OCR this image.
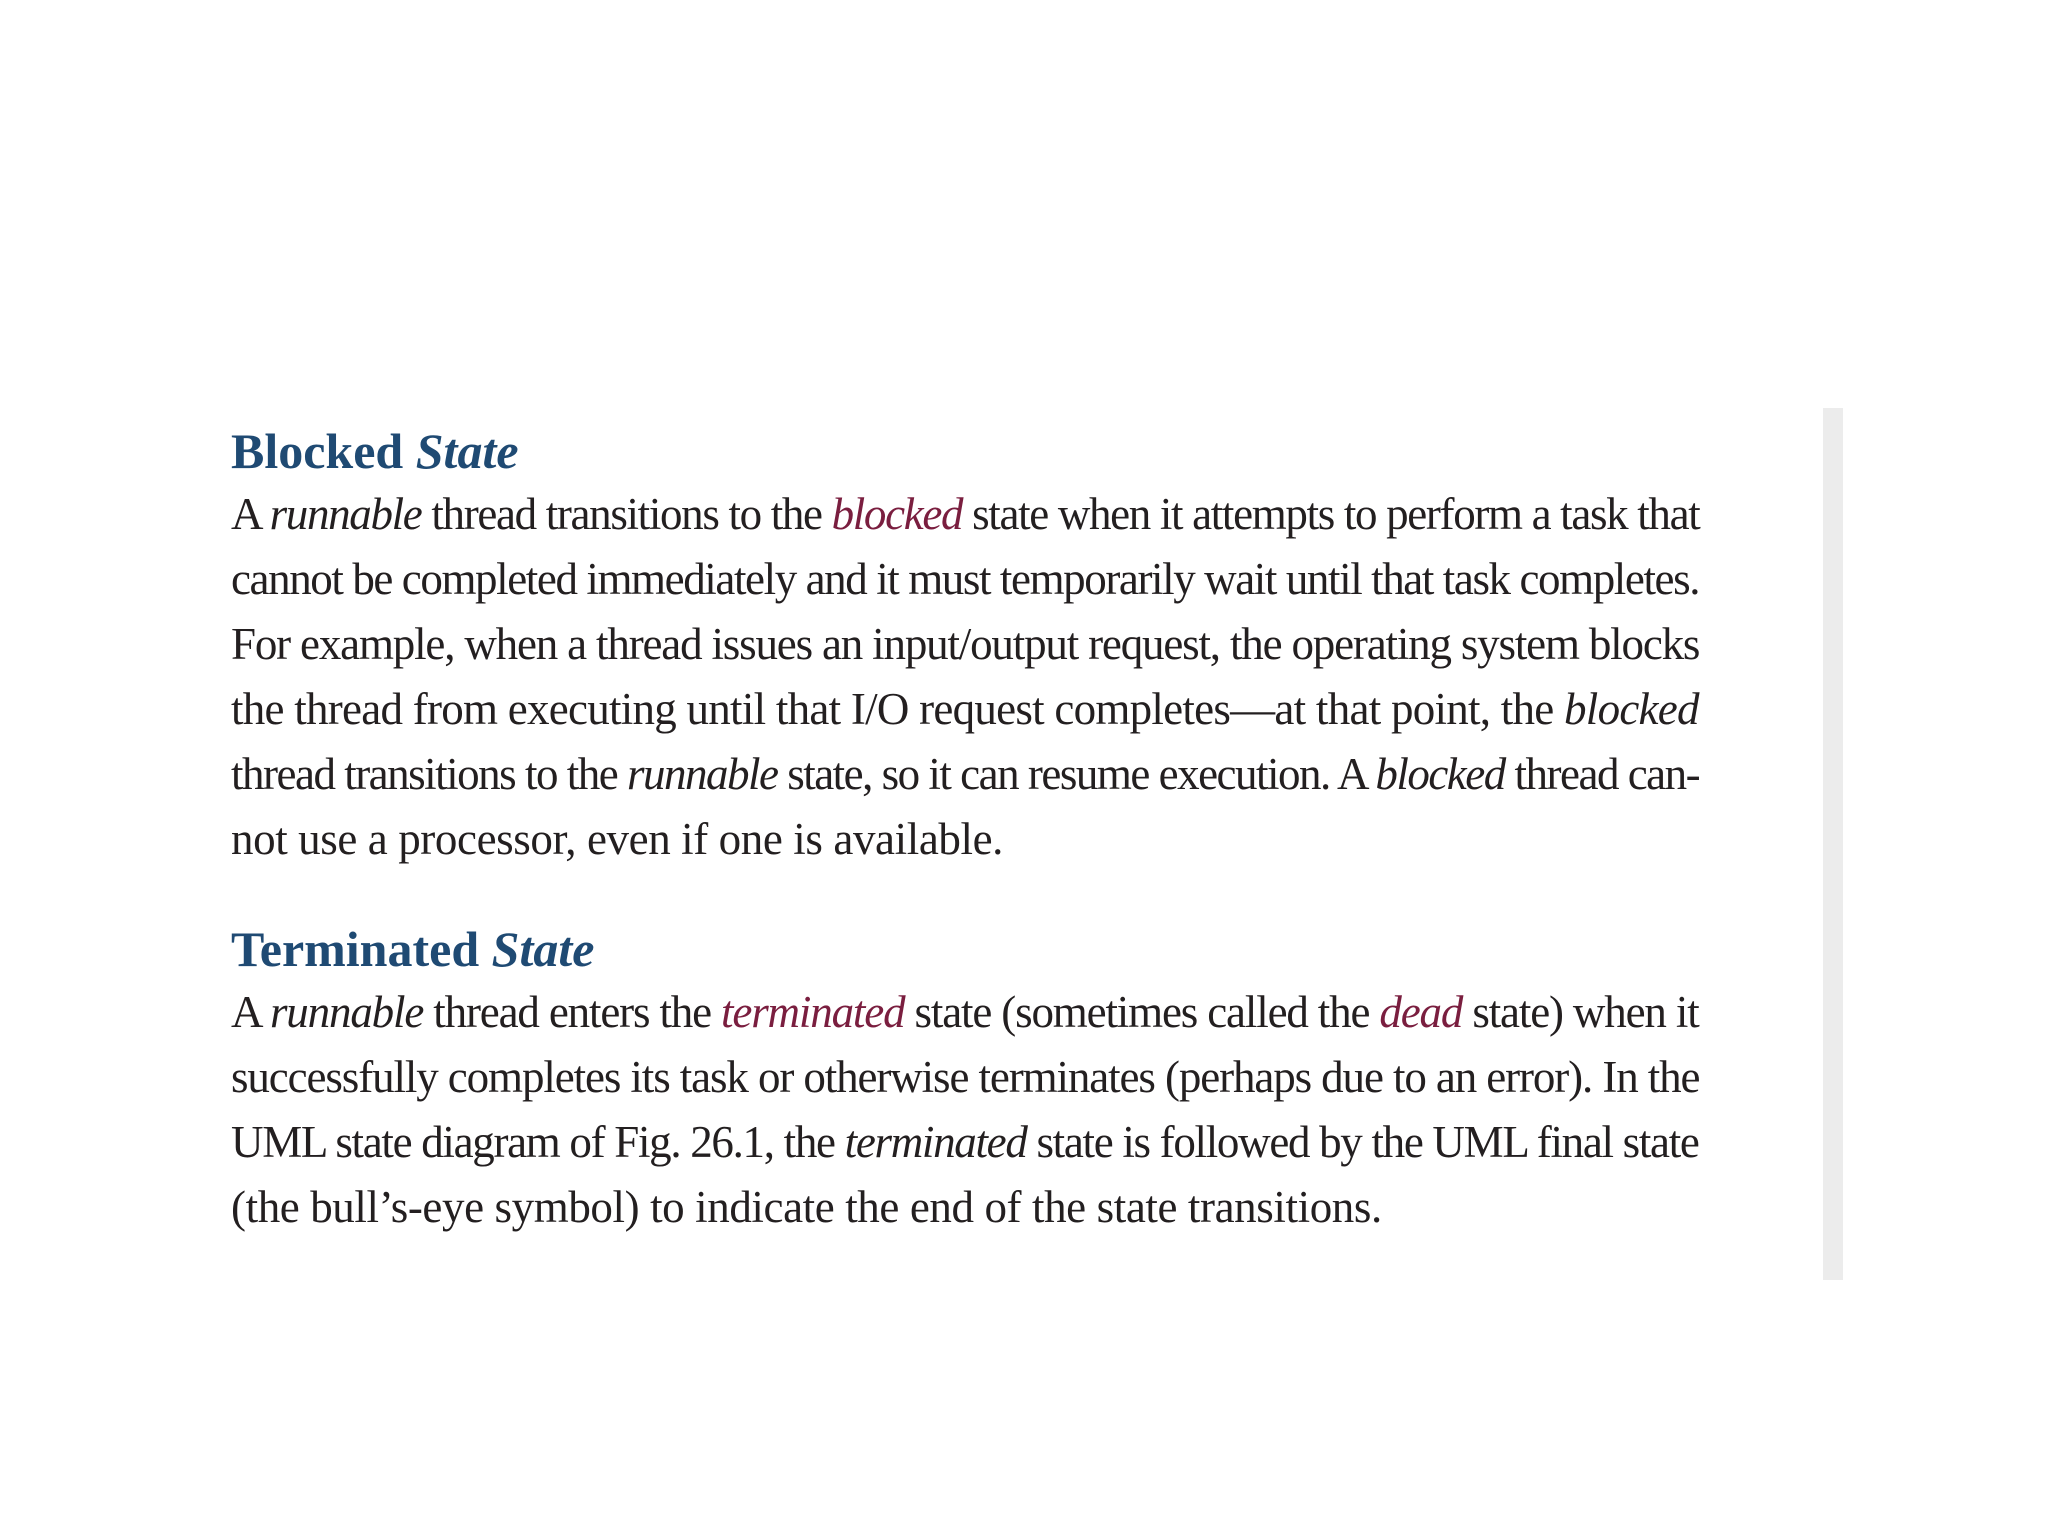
Blocked State

A runnable thread transitions to the blocked state when it attempts to perform a task that
cannot be completed immediately and it must temporarily wait until that task completes.
For example, when a thread issues an input/output request, the operating system blocks
the thread from executing until that I/O request completes—at that point, the blocked
thread transitions to the runnable state, so it can resume execution. A blocked thread can-
not use a processor, even if one is available.

Terminated State

A runnable thread enters the terminated state (sometimes called the dead state) when it
successfully completes its task or otherwise terminates (perhaps due to an error). In the
UML state diagram of Fig. 26.1, the terminated state is followed by the UML final state
(the bull’s-eye symbol) to indicate the end of the state transitions.
